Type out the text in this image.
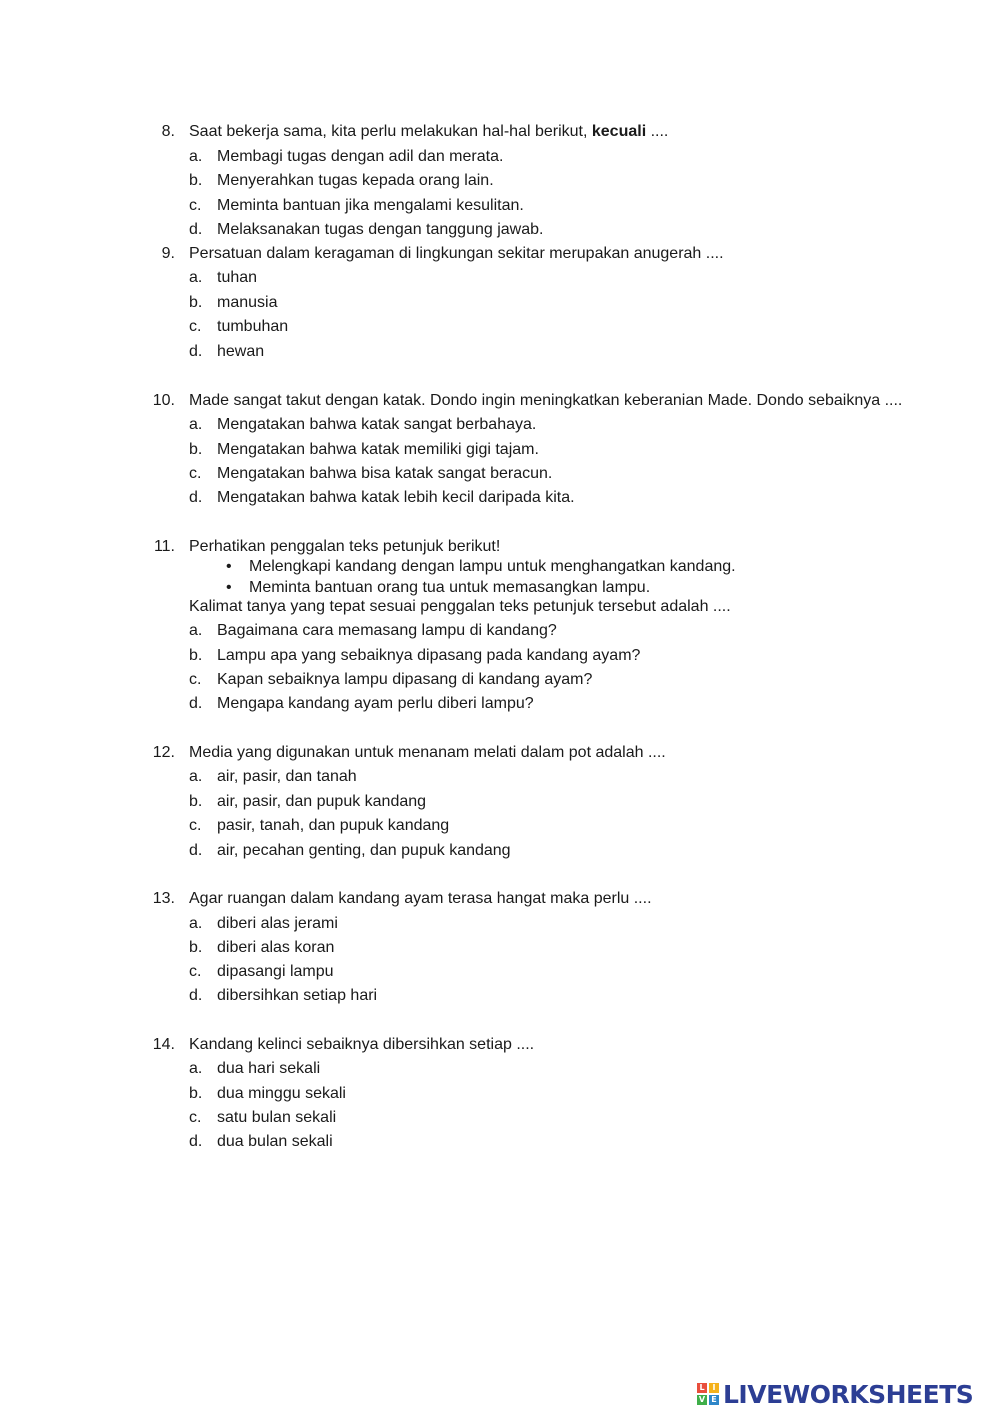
8. Saat bekerja sama, kita perlu melakukan hal-hal berikut, kecuali ....
a. Membagi tugas dengan adil dan merata.
b. Menyerahkan tugas kepada orang lain.
c. Meminta bantuan jika mengalami kesulitan.
d. Melaksanakan tugas dengan tanggung jawab.
9. Persatuan dalam keragaman di lingkungan sekitar merupakan anugerah ....
a. tuhan
b. manusia
c. tumbuhan
d. hewan
10. Made sangat takut dengan katak. Dondo ingin meningkatkan keberanian Made. Dondo sebaiknya ....
a. Mengatakan bahwa katak sangat berbahaya.
b. Mengatakan bahwa katak memiliki gigi tajam.
c. Mengatakan bahwa bisa katak sangat beracun.
d. Mengatakan bahwa katak lebih kecil daripada kita.
11. Perhatikan penggalan teks petunjuk berikut!
• Melengkapi kandang dengan lampu untuk menghangatkan kandang.
• Meminta bantuan orang tua untuk memasangkan lampu.
Kalimat tanya yang tepat sesuai penggalan teks petunjuk tersebut adalah ....
a. Bagaimana cara memasang lampu di kandang?
b. Lampu apa yang sebaiknya dipasang pada kandang ayam?
c. Kapan sebaiknya lampu dipasang di kandang ayam?
d. Mengapa kandang ayam perlu diberi lampu?
12. Media yang digunakan untuk menanam melati dalam pot adalah ....
a. air, pasir, dan tanah
b. air, pasir, dan pupuk kandang
c. pasir, tanah, dan pupuk kandang
d. air, pecahan genting, dan pupuk kandang
13. Agar ruangan dalam kandang ayam terasa hangat maka perlu ....
a. diberi alas jerami
b. diberi alas koran
c. dipasangi lampu
d. dibersihkan setiap hari
14. Kandang kelinci sebaiknya dibersihkan setiap ....
a. dua hari sekali
b. dua minggu sekali
c. satu bulan sekali
d. dua bulan sekali
L I
V E LIVEWORKSHEETS
